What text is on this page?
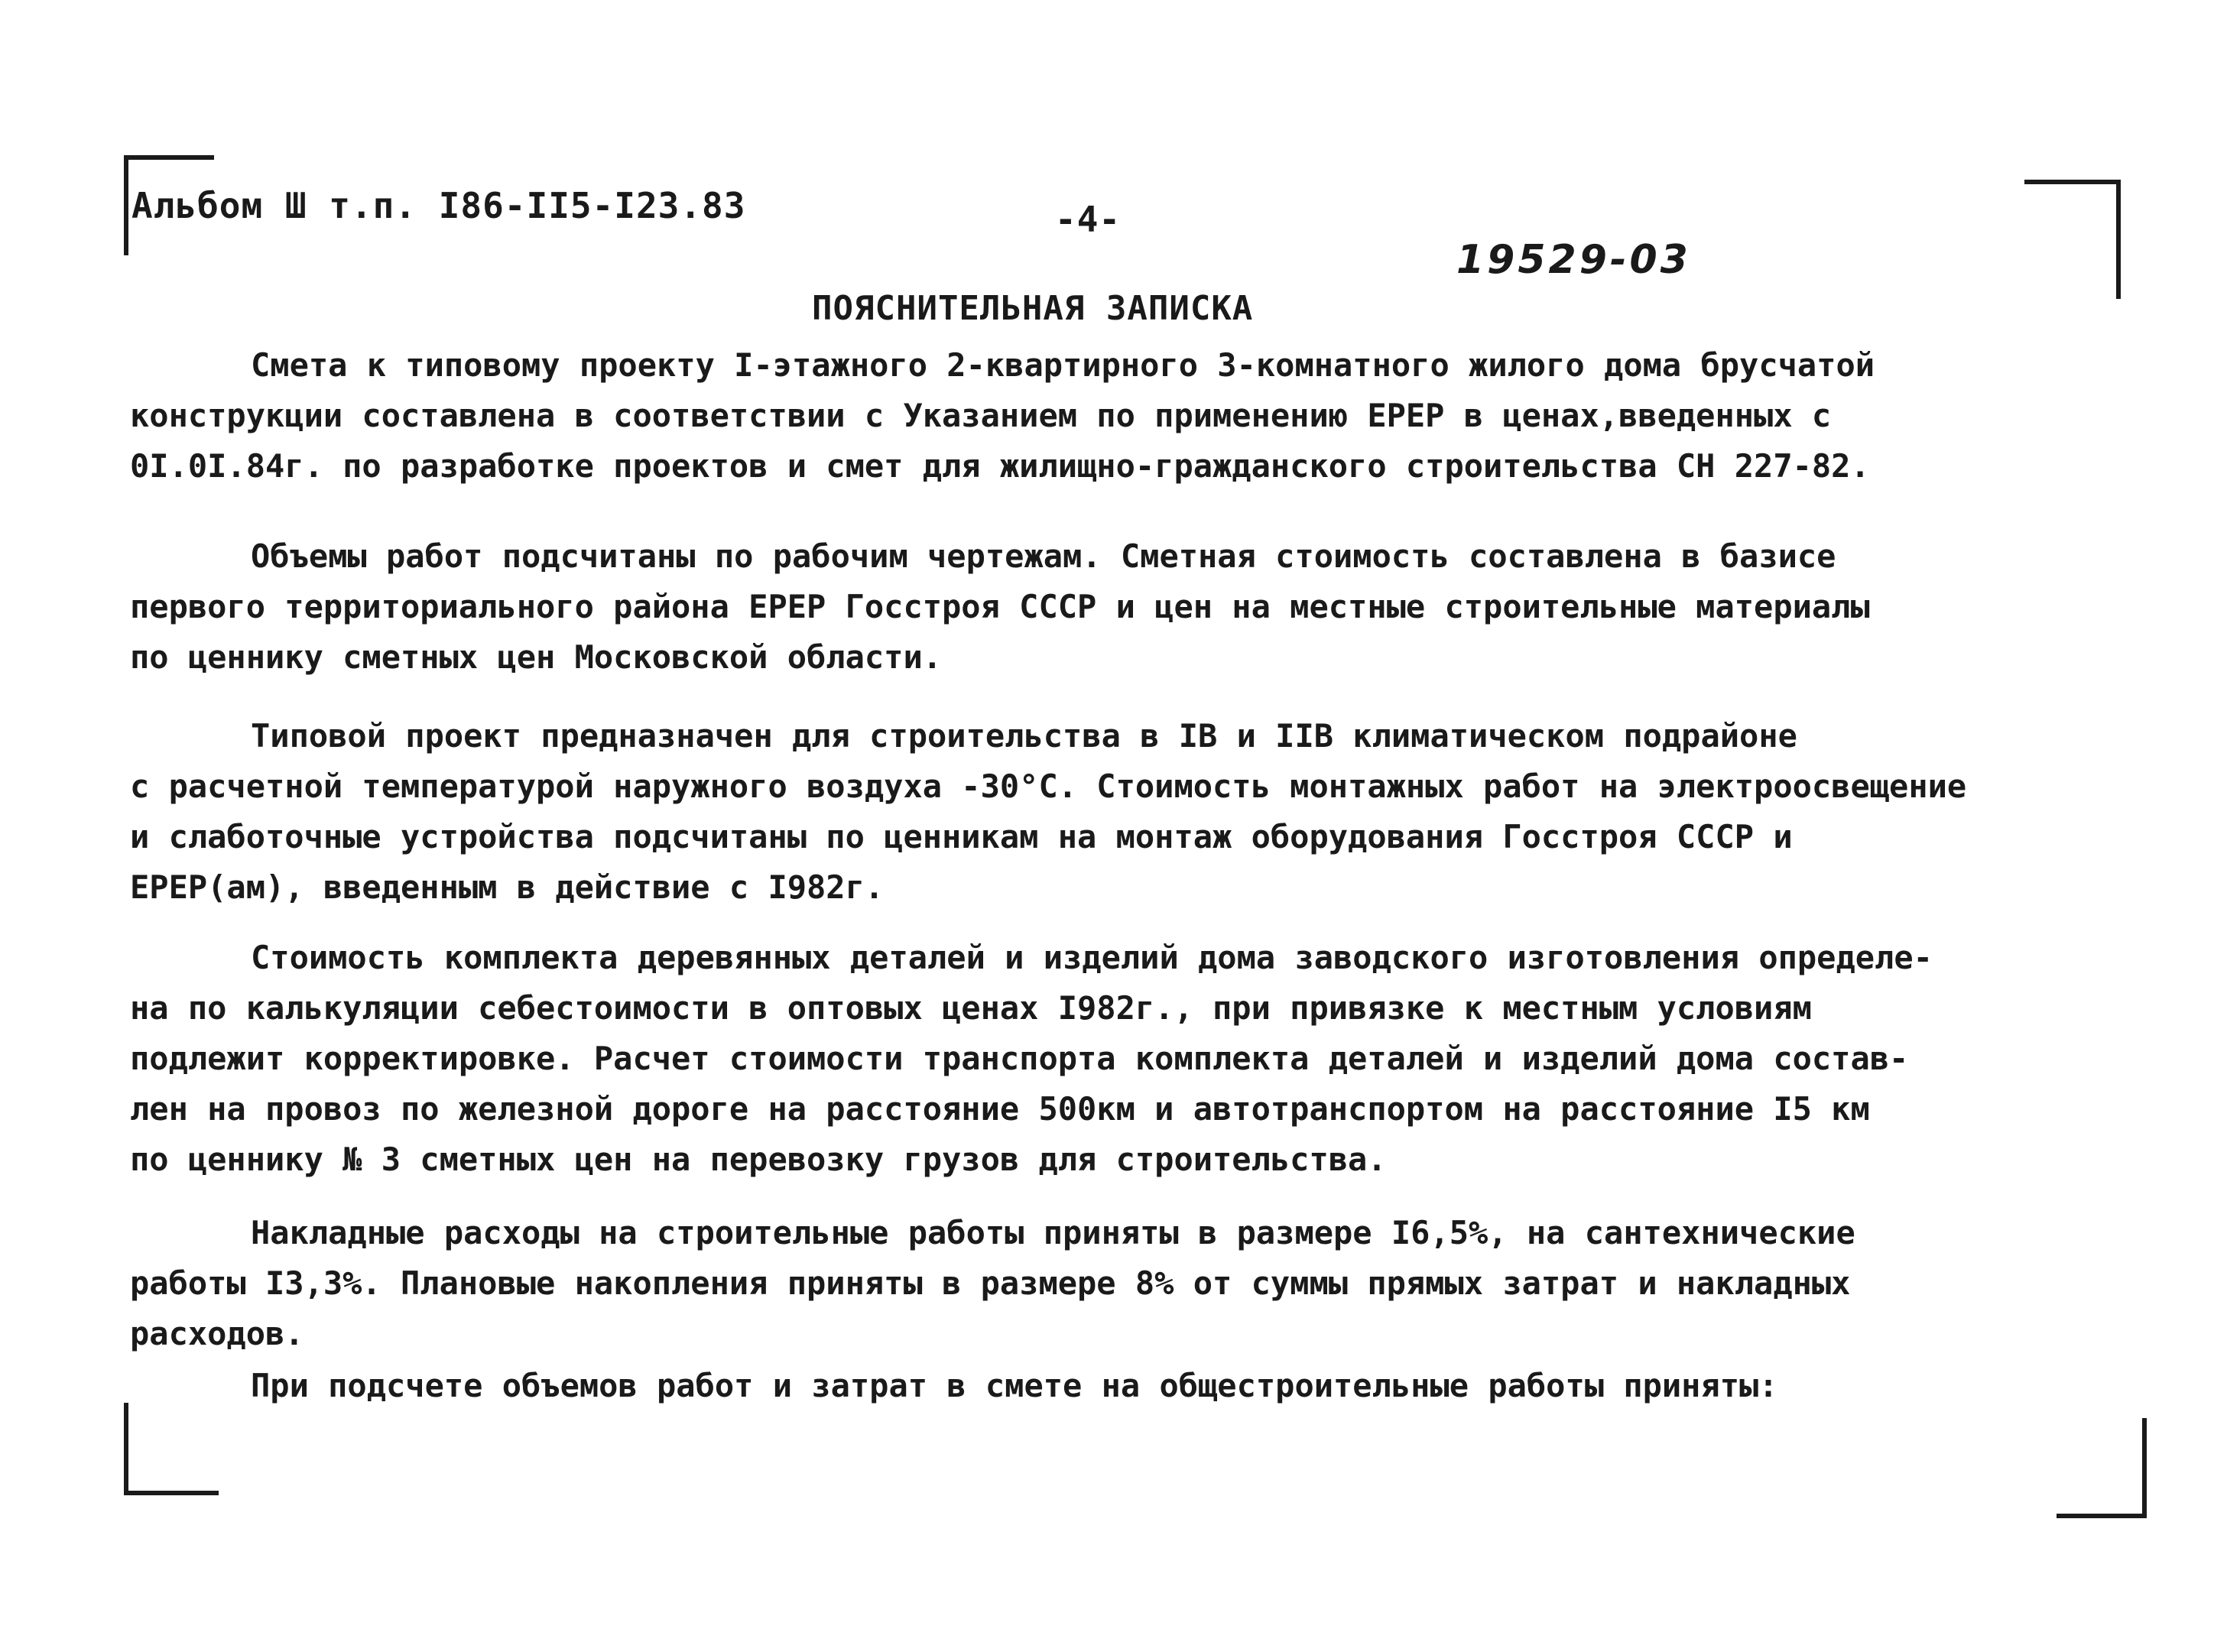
Альбом Ш т.п. I86-II5-I23.83	-4-
19529-03
ПОЯСНИТЕЛЬНАЯ ЗАПИСКА
Смета к типовому проекту I-этажного 2-квартирного 3-комнатного жилого дома брусчатой
конструкции составлена в соответствии с Указанием по применению ЕРЕР в ценах,введенных с
0I.0I.84г. по разработке проектов и смет для жилищно-гражданского строительства СН 227-82.
Объемы работ подсчитаны по рабочим чертежам. Сметная стоимость составлена в базисе
первого территориального района ЕРЕР Госстроя СССР и цен на местные строительные материалы
по ценнику сметных цен Московской области.
Типовой проект предназначен для строительства в IB и IIB климатическом подрайоне
с расчетной температурой наружного воздуха -30°С. Стоимость монтажных работ на электроосвещение
и слаботочные устройства подсчитаны по ценникам на монтаж оборудования Госстроя СССР и
ЕРЕР(ам), введенным в действие с I982г.
Стоимость комплекта деревянных деталей и изделий дома заводского изготовления определе-
на по калькуляции себестоимости в оптовых ценах I982г., при привязке к местным условиям
подлежит корректировке. Расчет стоимости транспорта комплекта деталей и изделий дома состав-
лен на провоз по железной дороге на расстояние 500км и автотранспортом на расстояние I5 км
по ценнику № 3 сметных цен на перевозку грузов для строительства.
Накладные расходы на строительные работы приняты в размере I6,5%, на сантехнические
работы I3,3%. Плановые накопления приняты в размере 8% от суммы прямых затрат и накладных
расходов.
При подсчете объемов работ и затрат в смете на общестроительные работы приняты:
